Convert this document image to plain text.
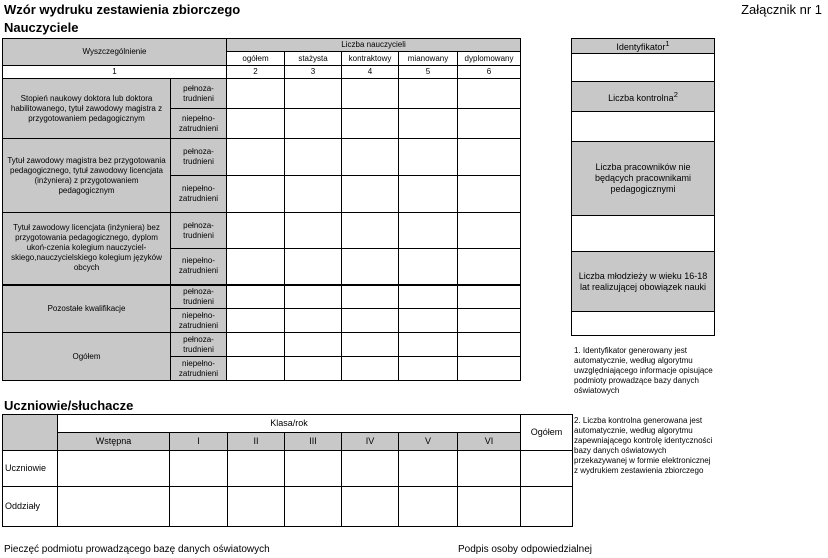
Wzór wydruku zestawienia zbiorczego	Załącznik nr 1
Nauczyciele
Wyszczególnienie		Liczba nauczycieli				
		ogółem	stażysta	kontraktowy	mianowany	dyplomowany
1		2	3	4	5	6
Stopień naukowy doktora lub doktora habilitowanego, tytuł zawodowy magistra z przygotowaniem pedagogicznym	pełnoza-trudnieni					
	niepełno-zatrudnieni					
Tytuł zawodowy magistra bez przygotowania pedagogicznego, tytuł zawodowy licencjata (inżyniera) z przygotowaniem pedagogicznym	pełnoza-trudnieni					
	niepełno-zatrudnieni					
Tytuł zawodowy licencjata (inżyniera) bez przygotowania pedagogicznego, dyplom ukoń-czenia kolegium nauczyciel-skiego,nauczycielskiego kolegium języków obcych	pełnoza-trudnieni					
	niepełno-zatrudnieni					
Pozostałe kwalifikacje	pełnoza-trudnieni					
	niepełno-zatrudnieni					
Ogółem	pełnoza-trudnieni					
	niepełno-zatrudnieni					
Identyfikator$^1$

Liczba kontrolna$^2$

Liczba pracowników nie będących pracownikami pedagogicznymi

Liczba młodzieży w wieku 16-18 lat realizującej obowiązek nauki

1. Identyfikator generowany jest automatycznie, według algorytmu uwzględniającego informacje opisujące podmioty prowadzące bazy danych oświatowych
2. Liczba kontrolna generowana jest automatycznie, według algorytmu zapewniającego kontrolę identyczności bazy danych oświatowych przekazywanej w formie elektronicznej z wydrukiem zestawienia zbiorczego
Uczniowie/słuchacze
	Klasa/rok							Ogółem
	Wstępna	I	II	III	IV	V	VI	
Uczniowie								
Oddziały								
Pieczęć podmiotu prowadzącego bazę danych oświatowych	Podpis osoby odpowiedzialnej
